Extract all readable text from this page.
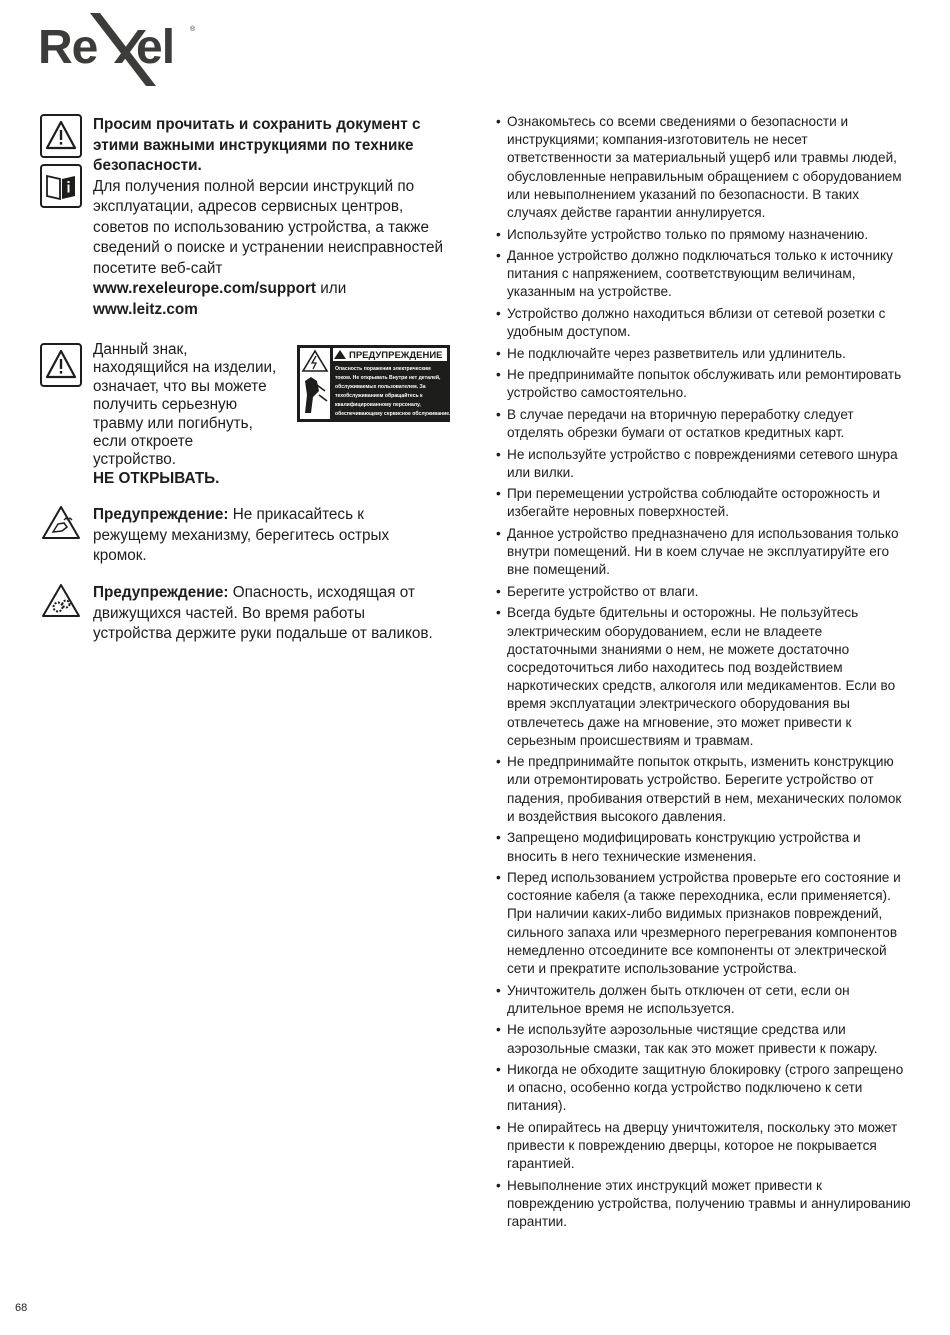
Re el ®
Просим прочитать и сохранить документ с этими важными инструкциями по технике безопасности.
Для получения полной версии инструкций по эксплуатации, адресов сервисных центров, советов по использованию устройства, а также сведений о поиске и устранении неисправностей посетите веб-сайт
www.rexeleurope.com/support или
www.leitz.com
Данный знак, находящийся на изделии, означает, что вы можете получить серьезную травму или погибнуть, если откроете устройство.
НЕ ОТКРЫВАТЬ.
Предупреждение: Не прикасайтесь к режущему механизму, берегитесь острых кромок.
Предупреждение: Опасность, исходящая от движущихся частей. Во время работы устройства держите руки подальше от валиков.
ПРЕДУПРЕЖДЕНИЕ
Опасность поражения электрическим
током. Не открывать Внутри нет деталей,
обслуживаемых пользователем. За
техобслуживанием обращайтесь к
квалифицированному персоналу,
обеспечивающему сервисное обслуживание.
• Ознакомьтесь со всеми сведениями о безопасности и инструкциями; компания-изготовитель не несет ответственности за материальный ущерб или травмы людей, обусловленные неправильным обращением с оборудованием или невыполнением указаний по безопасности. В таких случаях действе гарантии аннулируется.
• Используйте устройство только по прямому назначению.
• Данное устройство должно подключаться только к источнику питания с напряжением, соответствующим величинам, указанным на устройстве.
• Устройство должно находиться вблизи от сетевой розетки с удобным доступом.
• Не подключайте через разветвитель или удлинитель.
• Не предпринимайте попыток обслуживать или ремонтировать устройство самостоятельно.
• В случае передачи на вторичную переработку следует отделять обрезки бумаги от остатков кредитных карт.
• Не используйте устройство с повреждениями сетевого шнура или вилки.
• При перемещении устройства соблюдайте осторожность и избегайте неровных поверхностей.
• Данное устройство предназначено для использования только внутри помещений. Ни в коем случае не эксплуатируйте его вне помещений.
• Берегите устройство от влаги.
• Всегда будьте бдительны и осторожны. Не пользуйтесь электрическим оборудованием, если не владеете достаточными знаниями о нем, не можете достаточно сосредоточиться либо находитесь под воздействием наркотических средств, алкоголя или медикаментов. Если во время эксплуатации электрического оборудования вы отвлечетесь даже на мгновение, это может привести к серьезным происшествиям и травмам.
• Не предпринимайте попыток открыть, изменить конструкцию или отремонтировать устройство. Берегите устройство от падения, пробивания отверстий в нем, механических поломок и воздействия высокого давления.
• Запрещено модифицировать конструкцию устройства и вносить в него технические изменения.
• Перед использованием устройства проверьте его состояние и состояние кабеля (а также переходника, если применяется). При наличии каких-либо видимых признаков повреждений, сильного запаха или чрезмерного перегревания компонентов немедленно отсоедините все компоненты от электрической сети и прекратите использование устройства.
• Уничтожитель должен быть отключен от сети, если он длительное время не используется.
• Не используйте аэрозольные чистящие средства или аэрозольные смазки, так как это может привести к пожару.
• Никогда не обходите защитную блокировку (строго запрещено и опасно, особенно когда устройство подключено к сети питания).
• Не опирайтесь на дверцу уничтожителя, поскольку это может привести к повреждению дверцы, которое не покрывается гарантией.
• Невыполнение этих инструкций может привести к повреждению устройства, получению травмы и аннулированию гарантии.
68
